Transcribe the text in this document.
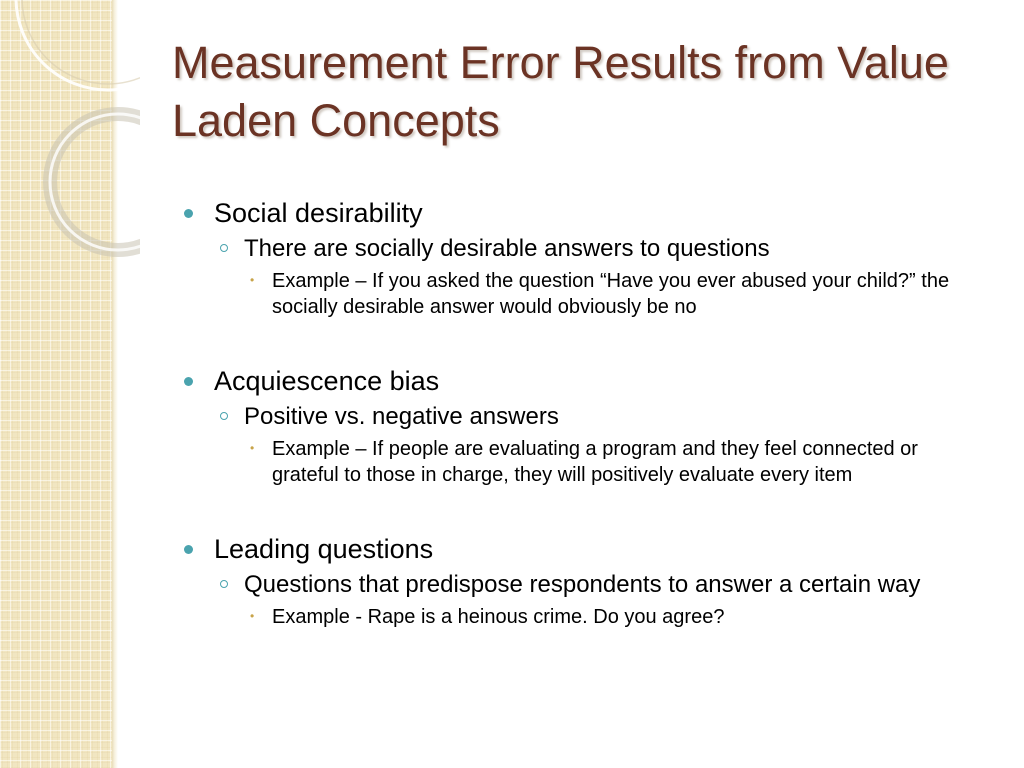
Measurement Error Results from Value Laden Concepts

Social desirability

There are socially desirable answers to questions

• Example – If you asked the question “Have you ever abused your child?” the socially desirable answer would obviously be no

Acquiescence bias

Positive vs. negative answers

• Example – If people are evaluating a program and they feel connected or grateful to those in charge, they will positively evaluate every item

Leading questions

Questions that predispose respondents to answer a certain way

• Example - Rape is a heinous crime. Do you agree?
